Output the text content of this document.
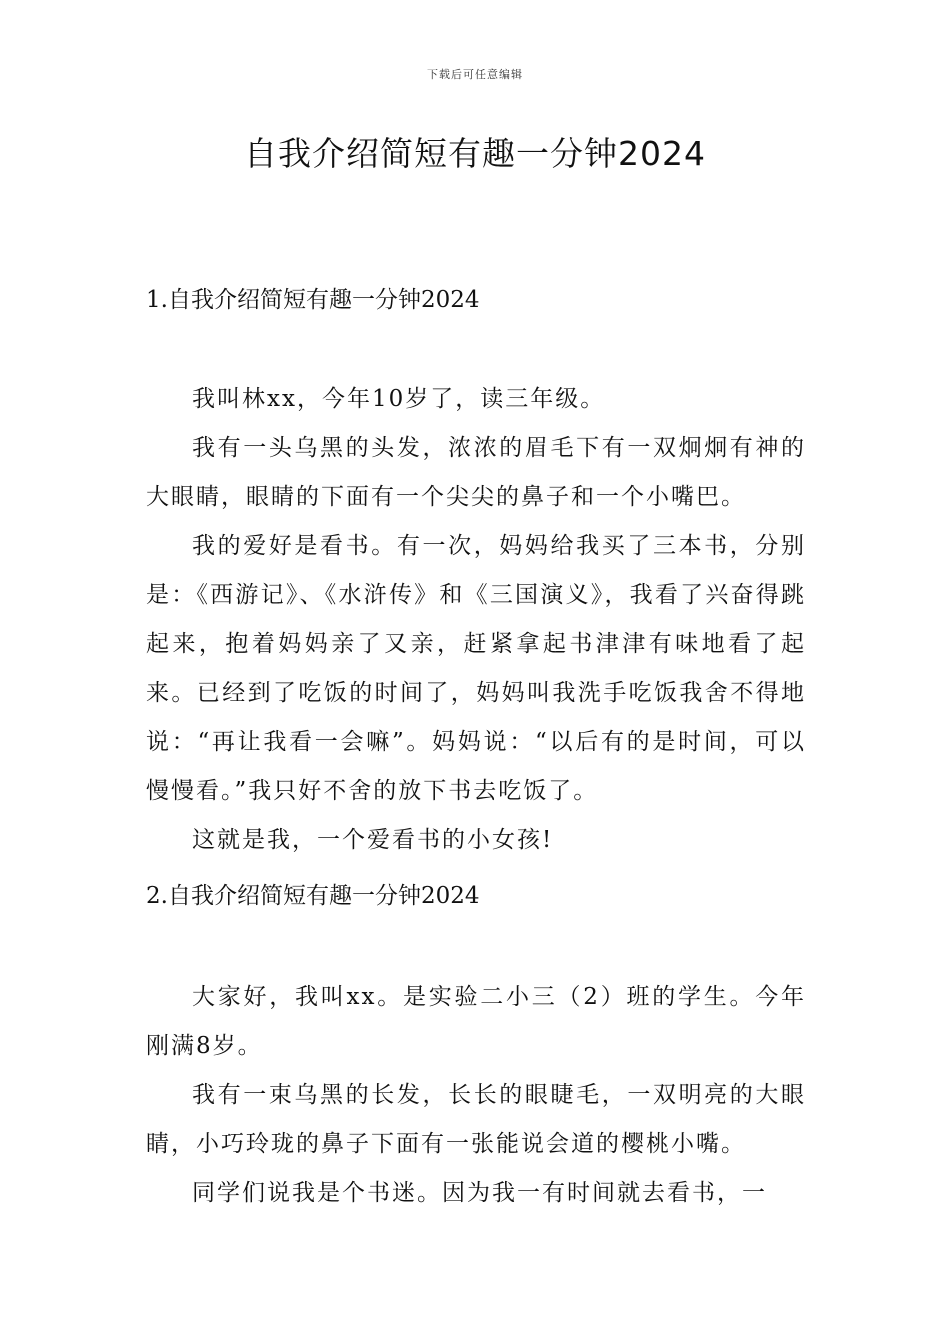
下载后可任意编辑
自我介绍简短有趣一分钟2024
1.自我介绍简短有趣一分钟2024

我叫林xx，今年10岁了，读三年级。

我有一头乌黑的头发，浓浓的眉毛下有一双炯炯有神的大眼睛，眼睛的下面有一个尖尖的鼻子和一个小嘴巴。

我的爱好是看书。有一次，妈妈给我买了三本书，分别是：《西游记》、《水浒传》和《三国演义》，我看了兴奋得跳起来，抱着妈妈亲了又亲，赶紧拿起书津津有味地看了起来。已经到了吃饭的时间了，妈妈叫我洗手吃饭我舍不得地说：“再让我看一会嘛”。妈妈说：“以后有的是时间，可以慢慢看。”我只好不舍的放下书去吃饭了。

这就是我，一个爱看书的小女孩!

2.自我介绍简短有趣一分钟2024

大家好，我叫xx。是实验二小三（2）班的学生。今年刚满8岁。

我有一束乌黑的长发，长长的眼睫毛，一双明亮的大眼睛，小巧玲珑的鼻子下面有一张能说会道的樱桃小嘴。

同学们说我是个书迷。因为我一有时间就去看书，一
